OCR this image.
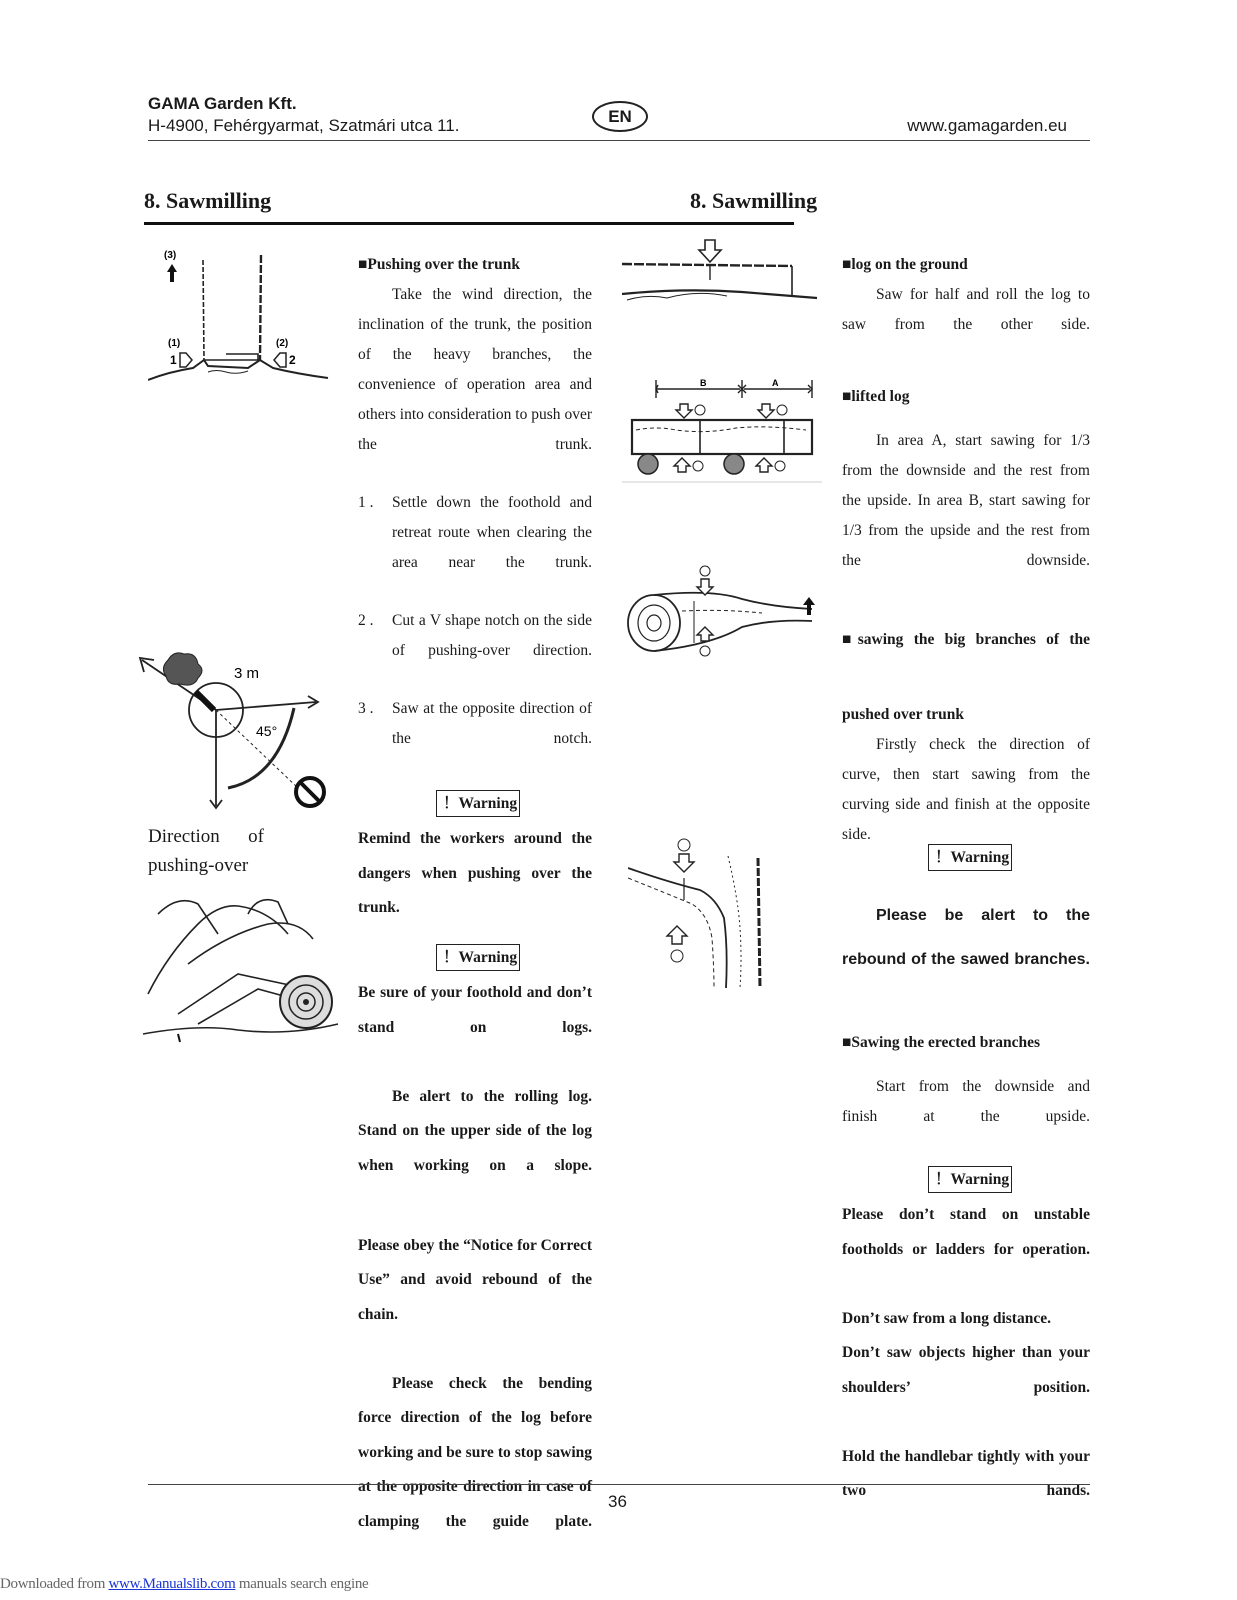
GAMA Garden Kft.
H-4900, Fehérgyarmat, Szatmári utca 11.	EN	www.gamagarden.eu
8. Sawmilling	8. Sawmilling
(3)
(1)
1
(2)
2
3 m
45°
Direction of pushing-over

■Pushing over the trunk

Take the wind direction, the inclination of the trunk, the position of the heavy branches, the convenience of operation area and others into consideration to push over the trunk.

1 .	Settle down the foothold and retreat route when clearing the area near the trunk.
2 .	Cut a V shape notch on the side of pushing-over direction.
3 .	Saw at the opposite direction of the notch.
！Warning
Remind the workers around the dangers when pushing over the trunk.
！Warning

Be sure of your foothold and don’t stand on logs.

Be alert to the rolling log. Stand on the upper side of the log when working on a slope.

Please obey the “Notice for Correct Use” and avoid rebound of the chain.

Please check the bending force direction of the log before working and be sure to stop sawing at the opposite direction in case of clamping the guide plate.

B	A

■log on the ground

Saw for half and roll the log to saw from the other side.

■lifted log

In area A, start sawing for 1/3 from the downside and the rest from the upside. In area B, start sawing for 1/3 from the upside and the rest from the downside.

■sawing the big branches of the

pushed over trunk

Firstly check the direction of curve, then start sawing from the curving side and finish at the opposite side.

！Warning
Please be alert to the rebound of the sawed branches.

■Sawing the erected branches

Start from the downside and finish at the upside.

！Warning

Please don’t stand on unstable footholds or ladders for operation.

Don’t saw from a long distance.

Don’t saw objects higher than your shoulders’ position.

Hold the handlebar tightly with your two hands.

36
Downloaded from www.Manualslib.com manuals search engine
